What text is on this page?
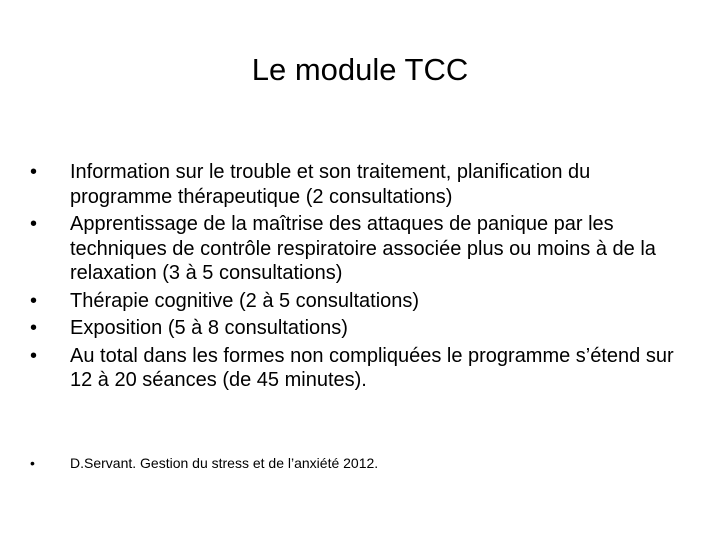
Le module TCC
•	Information sur le trouble et son traitement, planification du programme thérapeutique (2 consultations)
•	Apprentissage de la maîtrise des attaques de panique par les techniques de contrôle respiratoire associée plus ou moins à de la relaxation (3 à 5 consultations)
•	Thérapie cognitive (2 à 5 consultations)
•	Exposition (5 à 8 consultations)
•	Au total dans les formes non compliquées le programme s’étend sur 12 à 20 séances (de 45 minutes).
•	D.Servant. Gestion du stress et de l’anxiété 2012.
